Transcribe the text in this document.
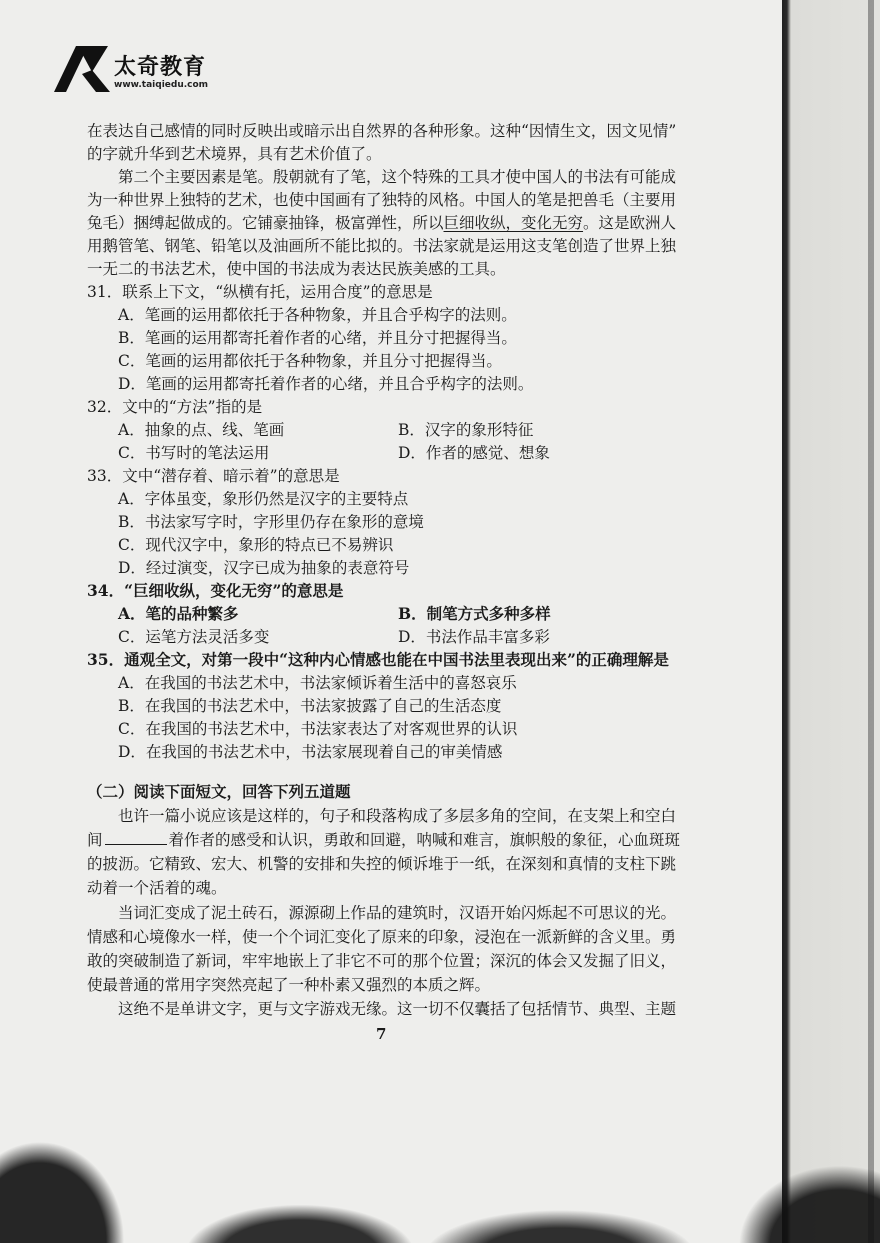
太奇教育
www.taiqiedu.com
在表达自己感情的同时反映出或暗示出自然界的各种形象。这种“因情生文，因文见情”
的字就升华到艺术境界，具有艺术价值了。
第二个主要因素是笔。殷朝就有了笔，这个特殊的工具才使中国人的书法有可能成
为一种世界上独特的艺术，也使中国画有了独特的风格。中国人的笔是把兽毛（主要用
兔毛）捆缚起做成的。它铺豪抽锋，极富弹性，所以巨细收纵，变化无穷。这是欧洲人
用鹅管笔、钢笔、铅笔以及油画所不能比拟的。书法家就是运用这支笔创造了世界上独
一无二的书法艺术，使中国的书法成为表达民族美感的工具。
31．联系上下文，“纵横有托，运用合度”的意思是
A．笔画的运用都依托于各种物象，并且合乎构字的法则。
B．笔画的运用都寄托着作者的心绪，并且分寸把握得当。
C．笔画的运用都依托于各种物象，并且分寸把握得当。
D．笔画的运用都寄托着作者的心绪，并且合乎构字的法则。
32．文中的“方法”指的是
A．抽象的点、线、笔画	B．汉字的象形特征
C．书写时的笔法运用	D．作者的感觉、想象
33．文中“潜存着、暗示着”的意思是
A．字体虽变，象形仍然是汉字的主要特点
B．书法家写字时，字形里仍存在象形的意境
C．现代汉字中，象形的特点已不易辨识
D．经过演变，汉字已成为抽象的表意符号
34．“巨细收纵，变化无穷”的意思是
A．笔的品种繁多	B．制笔方式多种多样
C．运笔方法灵活多变	D．书法作品丰富多彩
35．通观全文，对第一段中“这种内心情感也能在中国书法里表现出来”的正确理解是
A．在我国的书法艺术中，书法家倾诉着生活中的喜怒哀乐
B．在我国的书法艺术中，书法家披露了自己的生活态度
C．在我国的书法艺术中，书法家表达了对客观世界的认识
D．在我国的书法艺术中，书法家展现着自己的审美情感
（二）阅读下面短文，回答下列五道题
也许一篇小说应该是这样的，句子和段落构成了多层多角的空间，在支架上和空白
间	着作者的感受和认识，勇敢和回避，呐喊和难言，旗帜般的象征，心血斑斑
的披沥。它精致、宏大、机警的安排和失控的倾诉堆于一纸，在深刻和真情的支柱下跳
动着一个活着的魂。
当词汇变成了泥土砖石，源源砌上作品的建筑时，汉语开始闪烁起不可思议的光。
情感和心境像水一样，使一个个词汇变化了原来的印象，浸泡在一派新鲜的含义里。勇
敢的突破制造了新词，牢牢地嵌上了非它不可的那个位置；深沉的体会又发掘了旧义，
使最普通的常用字突然亮起了一种朴素又强烈的本质之辉。
这绝不是单讲文字，更与文字游戏无缘。这一切不仅囊括了包括情节、典型、主题
7
